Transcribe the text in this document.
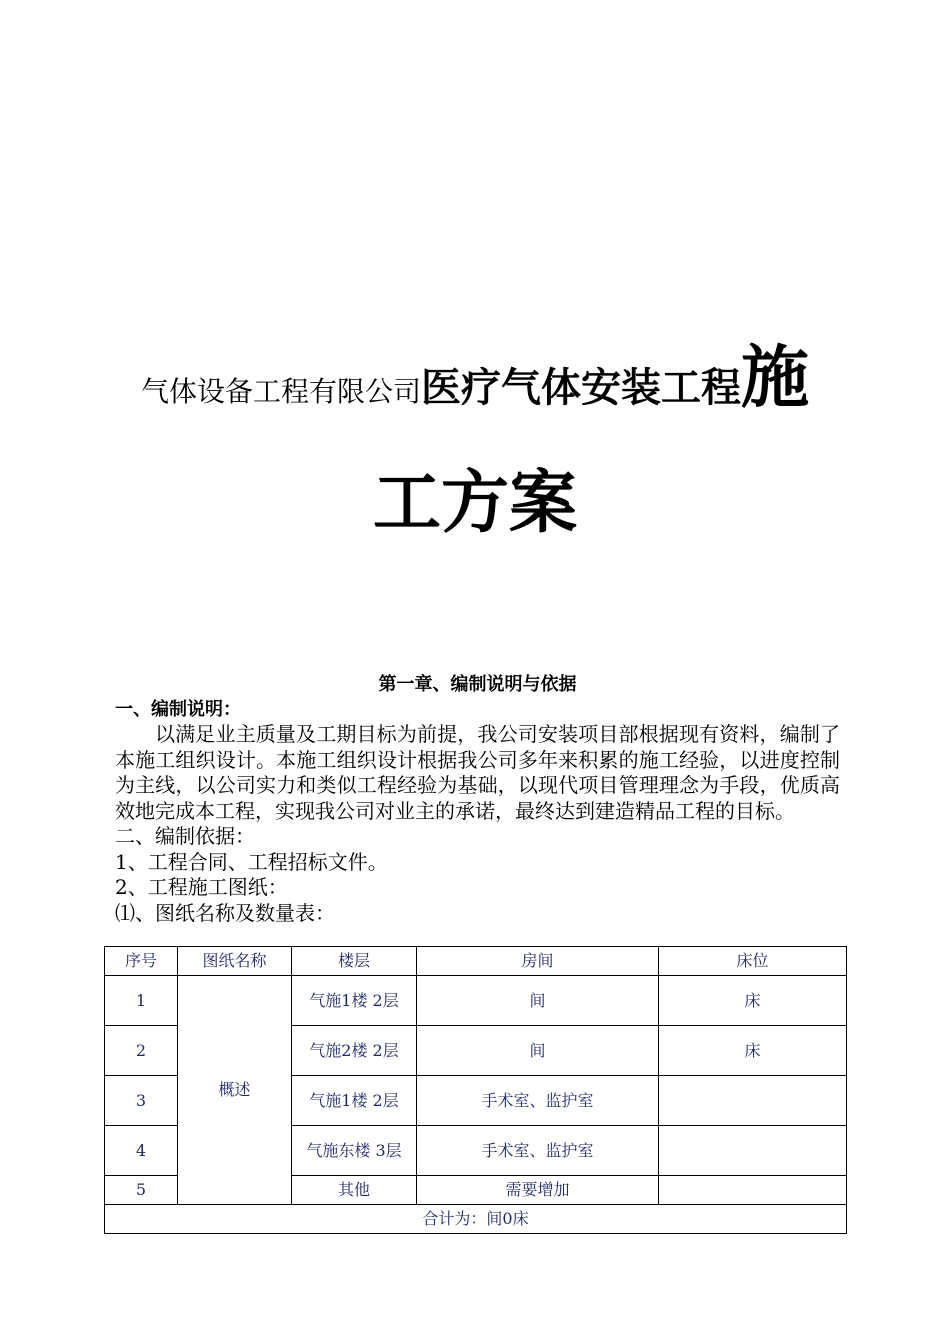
气体设备工程有限公司医疗气体安装工程施
工方案
第一章、编制说明与依据
一、编制说明：
以满足业主质量及工期目标为前提，我公司安装项目部根据现有资料，编制了本施工组织设计。本施工组织设计根据我公司多年来积累的施工经验，以进度控制为主线，以公司实力和类似工程经验为基础，以现代项目管理理念为手段，优质高效地完成本工程，实现我公司对业主的承诺，最终达到建造精品工程的目标。
二、编制依据：
1、工程合同、工程招标文件。
2、工程施工图纸：
⑴、图纸名称及数量表：
序号	图纸名称	楼层	房间	床位
1	概述	气施1楼 2层	间	床
2		气施2楼 2层	间	床
3		气施1楼 2层	手术室、监护室	
4		气施东楼 3层	手术室、监护室	
5		其他	需要增加	
合计为：间0床				
